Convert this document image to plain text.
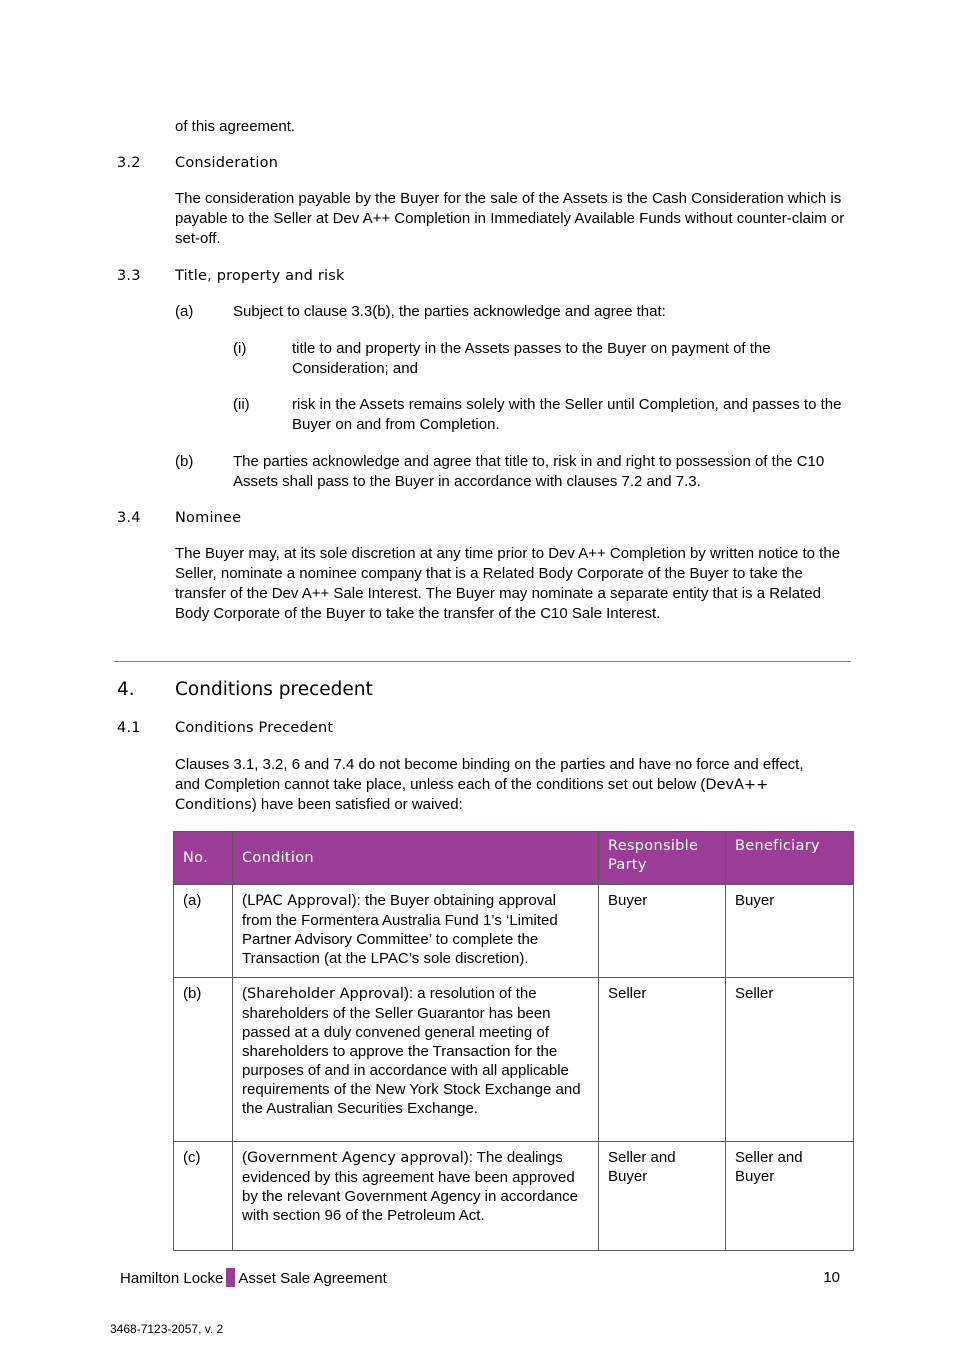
of this agreement.
3.2 Consideration
The consideration payable by the Buyer for the sale of the Assets is the Cash Consideration which is payable to the Seller at Dev A++ Completion in Immediately Available Funds without counter-claim or set-off.
3.3 Title, property and risk
(a)	Subject to clause 3.3(b), the parties acknowledge and agree that:
(i)	title to and property in the Assets passes to the Buyer on payment of the Consideration; and
(ii)	risk in the Assets remains solely with the Seller until Completion, and passes to the Buyer on and from Completion.
(b)	The parties acknowledge and agree that title to, risk in and right to possession of the C10 Assets shall pass to the Buyer in accordance with clauses 7.2 and 7.3.
3.4 Nominee
The Buyer may, at its sole discretion at any time prior to Dev A++ Completion by written notice to the Seller, nominate a nominee company that is a Related Body Corporate of the Buyer to take the transfer of the Dev A++ Sale Interest. The Buyer may nominate a separate entity that is a Related Body Corporate of the Buyer to take the transfer of the C10 Sale Interest.
4. Conditions precedent
4.1 Conditions Precedent
Clauses 3.1, 3.2, 6 and 7.4 do not become binding on the parties and have no force and effect, and Completion cannot take place, unless each of the conditions set out below (DevA++ Conditions) have been satisfied or waived:
No.	Condition	Responsible Party	Beneficiary
(a)	(LPAC Approval): the Buyer obtaining approval from the Formentera Australia Fund 1’s ‘Limited Partner Advisory Committee’ to complete the Transaction (at the LPAC’s sole discretion).	Buyer	Buyer
(b)	(Shareholder Approval): a resolution of the shareholders of the Seller Guarantor has been passed at a duly convened general meeting of shareholders to approve the Transaction for the purposes of and in accordance with all applicable requirements of the New York Stock Exchange and the Australian Securities Exchange.	Seller	Seller
(c)	(Government Agency approval): The dealings evidenced by this agreement have been approved by the relevant Government Agency in accordance with section 96 of the Petroleum Act.	Seller and Buyer	Seller and Buyer
Hamilton Locke Asset Sale Agreement	10
3468-7123-2057, v. 2
